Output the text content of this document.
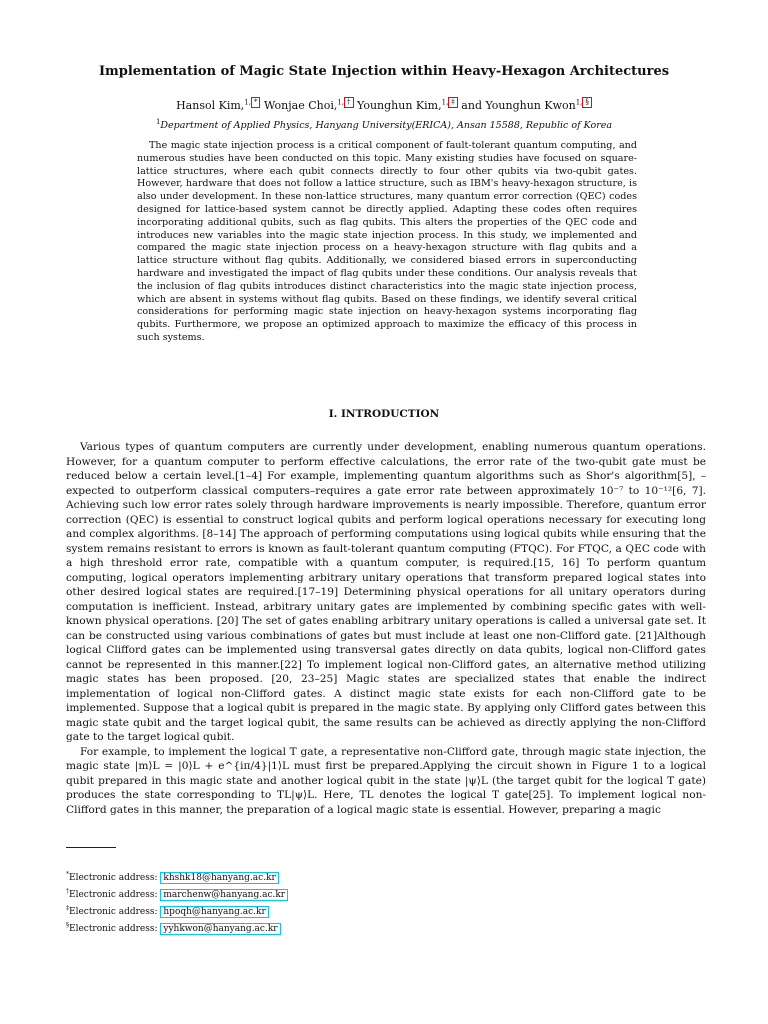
Implementation of Magic State Injection within Heavy-Hexagon Architectures
Hansol Kim,$^{1,}$ * Wonjae Choi,$^{1,}$ † Younghun Kim,$^{1,}$ ‡ and Younghun Kwon$^{1,}$ §
$^1$Department of Applied Physics, Hanyang University(ERICA), Ansan 15588, Republic of Korea
The magic state injection process is a critical component of fault-tolerant quantum computing, and numerous studies have been conducted on this topic. Many existing studies have focused on square-lattice structures, where each qubit connects directly to four other qubits via two-qubit gates. However, hardware that does not follow a lattice structure, such as IBM's heavy-hexagon structure, is also under development. In these non-lattice structures, many quantum error correction (QEC) codes designed for lattice-based system cannot be directly applied. Adapting these codes often requires incorporating additional qubits, such as flag qubits. This alters the properties of the QEC code and introduces new variables into the magic state injection process. In this study, we implemented and compared the magic state injection process on a heavy-hexagon structure with flag qubits and a lattice structure without flag qubits. Additionally, we considered biased errors in superconducting hardware and investigated the impact of flag qubits under these conditions. Our analysis reveals that the inclusion of flag qubits introduces distinct characteristics into the magic state injection process, which are absent in systems without flag qubits. Based on these findings, we identify several critical considerations for performing magic state injection on heavy-hexagon systems incorporating flag qubits. Furthermore, we propose an optimized approach to maximize the efficacy of this process in such systems.
I. INTRODUCTION

Various types of quantum computers are currently under development, enabling numerous quantum operations. However, for a quantum computer to perform effective calculations, the error rate of the two-qubit gate must be reduced below a certain level.[1–4] For example, implementing quantum algorithms such as Shor's algorithm[5], –expected to outperform classical computers–requires a gate error rate between approximately 10⁻⁷ to 10⁻¹²[6, 7]. Achieving such low error rates solely through hardware improvements is nearly impossible. Therefore, quantum error correction (QEC) is essential to construct logical qubits and perform logical operations necessary for executing long and complex algorithms. [8–14] The approach of performing computations using logical qubits while ensuring that the system remains resistant to errors is known as fault-tolerant quantum computing (FTQC). For FTQC, a QEC code with a high threshold error rate, compatible with a quantum computer, is required.[15, 16] To perform quantum computing, logical operators implementing arbitrary unitary operations that transform prepared logical states into other desired logical states are required.[17–19] Determining physical operations for all unitary operators during computation is inefficient. Instead, arbitrary unitary gates are implemented by combining specific gates with well-known physical operations. [20] The set of gates enabling arbitrary unitary operations is called a universal gate set. It can be constructed using various combinations of gates but must include at least one non-Clifford gate. [21]Although logical Clifford gates can be implemented using transversal gates directly on data qubits, logical non-Clifford gates cannot be represented in this manner.[22] To implement logical non-Clifford gates, an alternative method utilizing magic states has been proposed. [20, 23–25] Magic states are specialized states that enable the indirect implementation of logical non-Clifford gates. A distinct magic state exists for each non-Clifford gate to be implemented. Suppose that a logical qubit is prepared in the magic state. By applying only Clifford gates between this magic state qubit and the target logical qubit, the same results can be achieved as directly applying the non-Clifford gate to the target logical qubit.

For example, to implement the logical T gate, a representative non-Clifford gate, through magic state injection, the magic state |m⟩L = |0⟩L + e^{iπ/4}|1⟩L must first be prepared.Applying the circuit shown in Figure 1 to a logical qubit prepared in this magic state and another logical qubit in the state |ψ⟩L (the target qubit for the logical T gate) produces the state corresponding to TL|ψ⟩L. Here, TL denotes the logical T gate[25]. To implement logical non-Clifford gates in this manner, the preparation of a logical magic state is essential. However, preparing a magic

*Electronic address: khshk18@hanyang.ac.kr
†Electronic address: marchenw@hanyang.ac.kr
‡Electronic address: hpoqh@hanyang.ac.kr
§Electronic address: yyhkwon@hanyang.ac.kr
